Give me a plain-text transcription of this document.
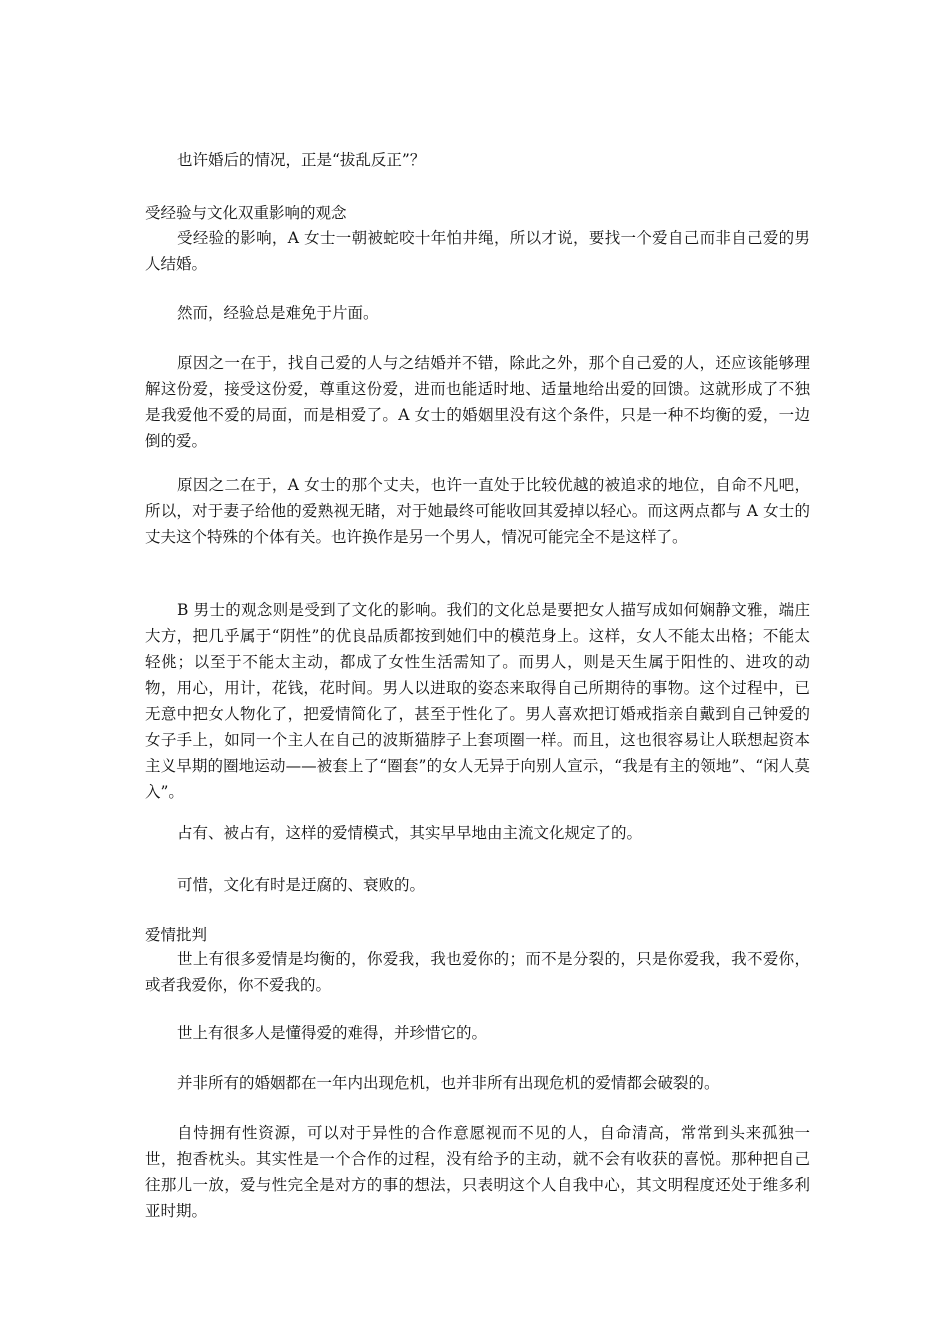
也许婚后的情况，正是“拔乱反正”？

受经验与文化双重影响的观念

受经验的影响，A 女士一朝被蛇咬十年怕井绳，所以才说，要找一个爱自己而非自己爱的男人结婚。

然而，经验总是难免于片面。

原因之一在于，找自己爱的人与之结婚并不错，除此之外，那个自己爱的人，还应该能够理解这份爱，接受这份爱，尊重这份爱，进而也能适时地、适量地给出爱的回馈。这就形成了不独是我爱他不爱的局面，而是相爱了。A 女士的婚姻里没有这个条件，只是一种不均衡的爱，一边倒的爱。

原因之二在于，A 女士的那个丈夫，也许一直处于比较优越的被追求的地位，自命不凡吧，所以，对于妻子给他的爱熟视无睹，对于她最终可能收回其爱掉以轻心。而这两点都与 A 女士的丈夫这个特殊的个体有关。也许换作是另一个男人，情况可能完全不是这样了。

B 男士的观念则是受到了文化的影响。我们的文化总是要把女人描写成如何娴静文雅，端庄大方，把几乎属于“阴性”的优良品质都按到她们中的模范身上。这样，女人不能太出格；不能太轻佻；以至于不能太主动，都成了女性生活需知了。而男人，则是天生属于阳性的、进攻的动物，用心，用计，花钱，花时间。男人以进取的姿态来取得自己所期待的事物。这个过程中，已无意中把女人物化了，把爱情简化了，甚至于性化了。男人喜欢把订婚戒指亲自戴到自己钟爱的女子手上，如同一个主人在自己的波斯猫脖子上套项圈一样。而且，这也很容易让人联想起资本主义早期的圈地运动——被套上了“圈套”的女人无异于向别人宣示，“我是有主的领地”、“闲人莫入”。

占有、被占有，这样的爱情模式，其实早早地由主流文化规定了的。

可惜，文化有时是迂腐的、衰败的。

爱情批判

世上有很多爱情是均衡的，你爱我，我也爱你的；而不是分裂的，只是你爱我，我不爱你，或者我爱你，你不爱我的。

世上有很多人是懂得爱的难得，并珍惜它的。

并非所有的婚姻都在一年内出现危机，也并非所有出现危机的爱情都会破裂的。

自恃拥有性资源，可以对于异性的合作意愿视而不见的人，自命清高，常常到头来孤独一世，抱香枕头。其实性是一个合作的过程，没有给予的主动，就不会有收获的喜悦。那种把自己往那儿一放，爱与性完全是对方的事的想法，只表明这个人自我中心，其文明程度还处于维多利亚时期。
